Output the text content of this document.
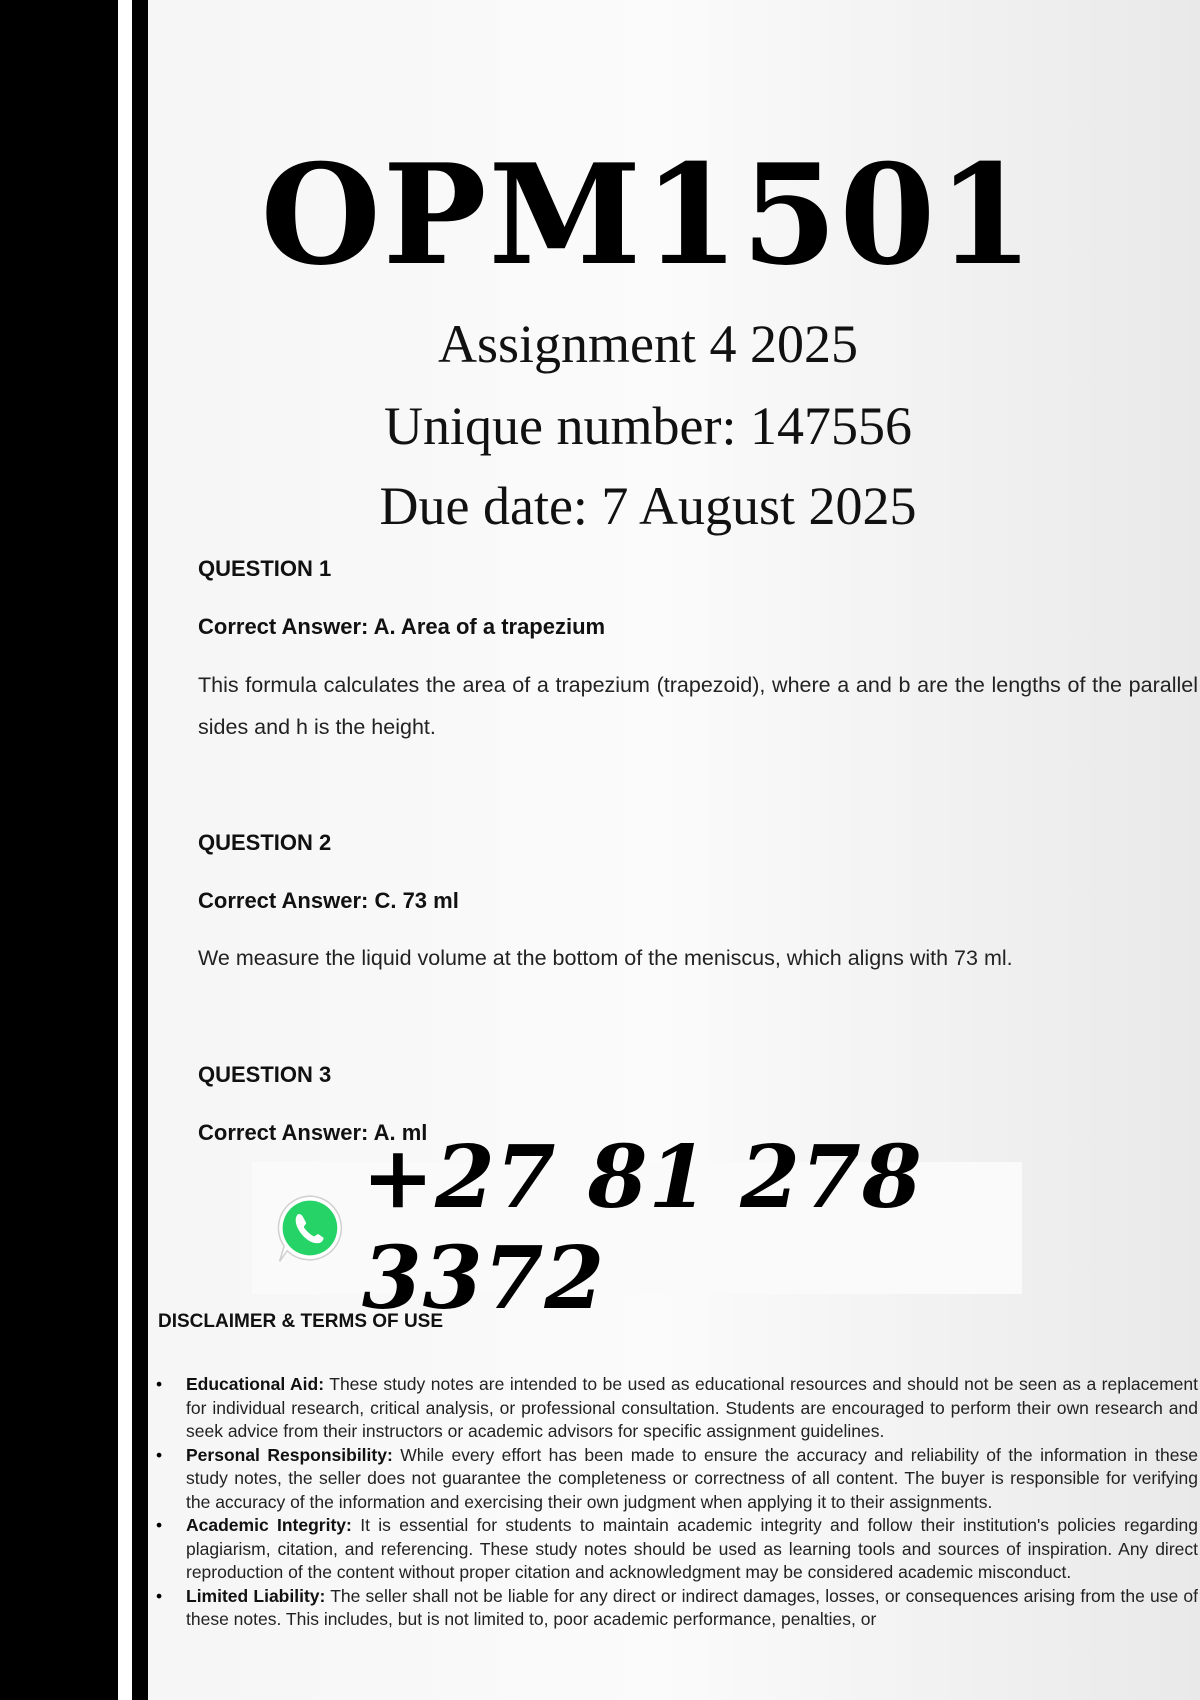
OPM1501
Assignment 4 2025
Unique number: 147556
Due date: 7 August 2025
QUESTION 1
Correct Answer: A. Area of a trapezium
This formula calculates the area of a trapezium (trapezoid), where a and b are the lengths of the parallel sides and h is the height.
QUESTION 2
Correct Answer: C. 73 ml
We measure the liquid volume at the bottom of the meniscus, which aligns with 73 ml.
QUESTION 3
Correct Answer: A. ml
+27 81 278 3372
DISCLAIMER & TERMS OF USE
• Educational Aid: These study notes are intended to be used as educational resources and should not be seen as a replacement for individual research, critical analysis, or professional consultation. Students are encouraged to perform their own research and seek advice from their instructors or academic advisors for specific assignment guidelines.
• Personal Responsibility: While every effort has been made to ensure the accuracy and reliability of the information in these study notes, the seller does not guarantee the completeness or correctness of all content. The buyer is responsible for verifying the accuracy of the information and exercising their own judgment when applying it to their assignments.
• Academic Integrity: It is essential for students to maintain academic integrity and follow their institution's policies regarding plagiarism, citation, and referencing. These study notes should be used as learning tools and sources of inspiration. Any direct reproduction of the content without proper citation and acknowledgment may be considered academic misconduct.
• Limited Liability: The seller shall not be liable for any direct or indirect damages, losses, or consequences arising from the use of these notes. This includes, but is not limited to, poor academic performance, penalties, or
